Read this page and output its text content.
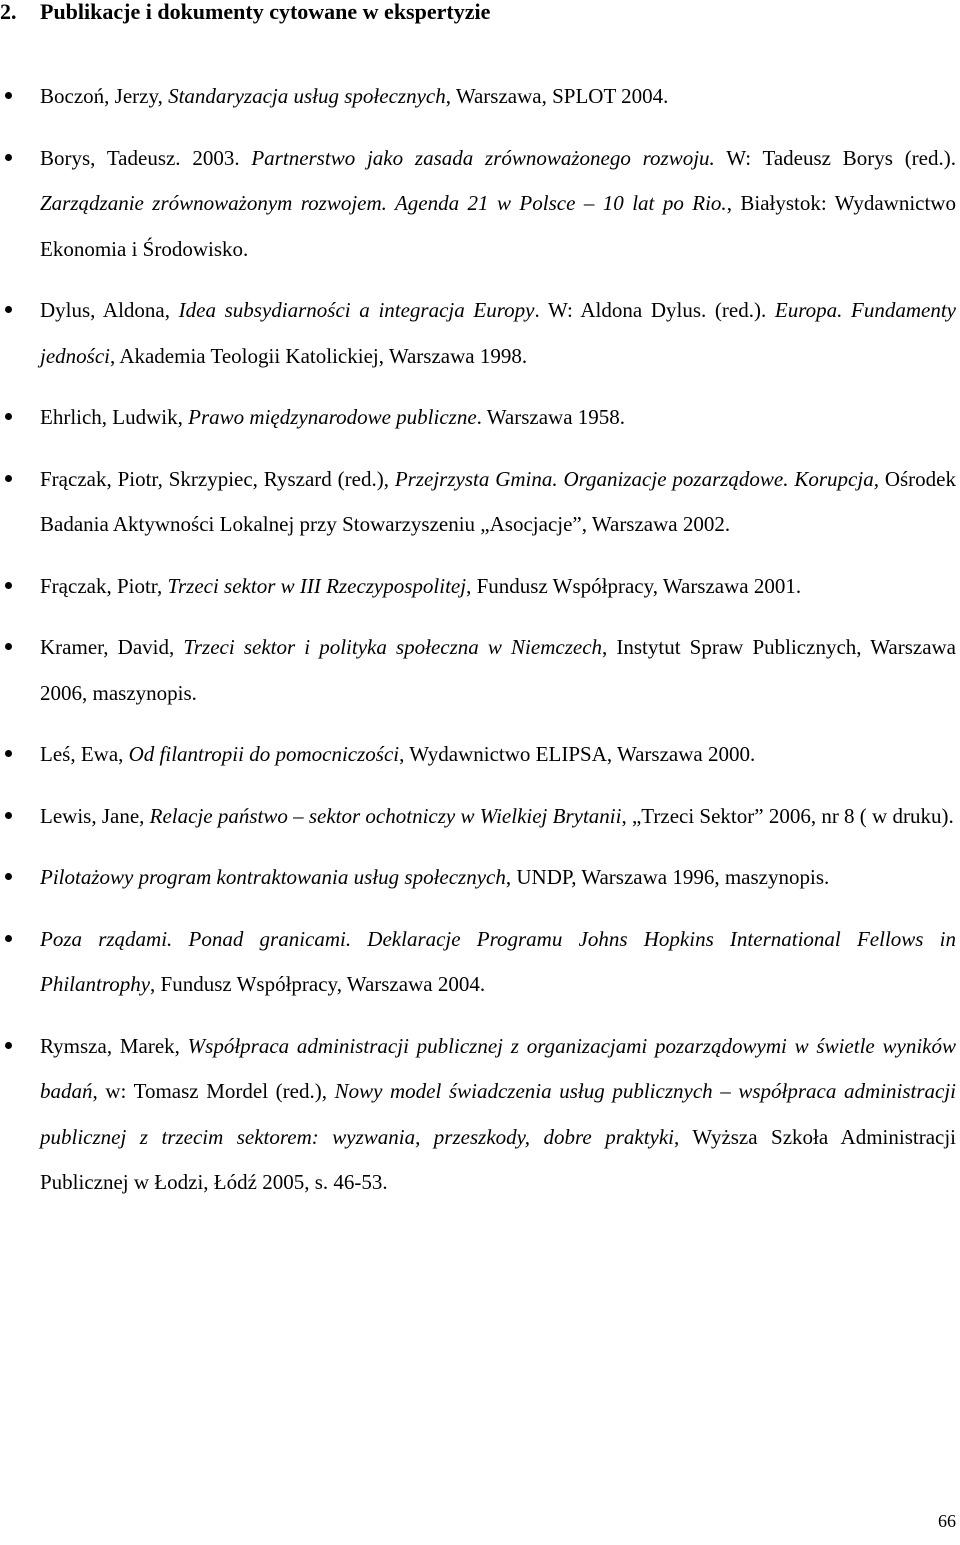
2. Publikacje i dokumenty cytowane w ekspertyzie
Boczoń, Jerzy, Standaryzacja usług społecznych, Warszawa, SPLOT 2004.
Borys, Tadeusz. 2003. Partnerstwo jako zasada zrównoważonego rozwoju. W: Tadeusz Borys (red.). Zarządzanie zrównoważonym rozwojem. Agenda 21 w Polsce – 10 lat po Rio., Białystok: Wydawnictwo Ekonomia i Środowisko.
Dylus, Aldona, Idea subsydiarności a integracja Europy. W: Aldona Dylus. (red.). Europa. Fundamenty jedności, Akademia Teologii Katolickiej, Warszawa 1998.
Ehrlich, Ludwik, Prawo międzynarodowe publiczne. Warszawa 1958.
Frączak, Piotr, Skrzypiec, Ryszard (red.), Przejrzysta Gmina. Organizacje pozarządowe. Korupcja, Ośrodek Badania Aktywności Lokalnej przy Stowarzyszeniu „Asocjacje”, Warszawa 2002.
Frączak, Piotr, Trzeci sektor w III Rzeczypospolitej, Fundusz Współpracy, Warszawa 2001.
Kramer, David, Trzeci sektor i polityka społeczna w Niemczech, Instytut Spraw Publicznych, Warszawa 2006, maszynopis.
Leś, Ewa, Od filantropii do pomocniczości, Wydawnictwo ELIPSA, Warszawa 2000.
Lewis, Jane, Relacje państwo – sektor ochotniczy w Wielkiej Brytanii, „Trzeci Sektor” 2006, nr 8 ( w druku).
Pilotażowy program kontraktowania usług społecznych, UNDP, Warszawa 1996, maszynopis.
Poza rządami. Ponad granicami. Deklaracje Programu Johns Hopkins International Fellows in Philantrophy, Fundusz Współpracy, Warszawa 2004.
Rymsza, Marek, Współpraca administracji publicznej z organizacjami pozarządowymi w świetle wyników badań, w: Tomasz Mordel (red.), Nowy model świadczenia usług publicznych – współpraca administracji publicznej z trzecim sektorem: wyzwania, przeszkody, dobre praktyki, Wyższa Szkoła Administracji Publicznej w Łodzi, Łódź 2005, s. 46-53.
66
